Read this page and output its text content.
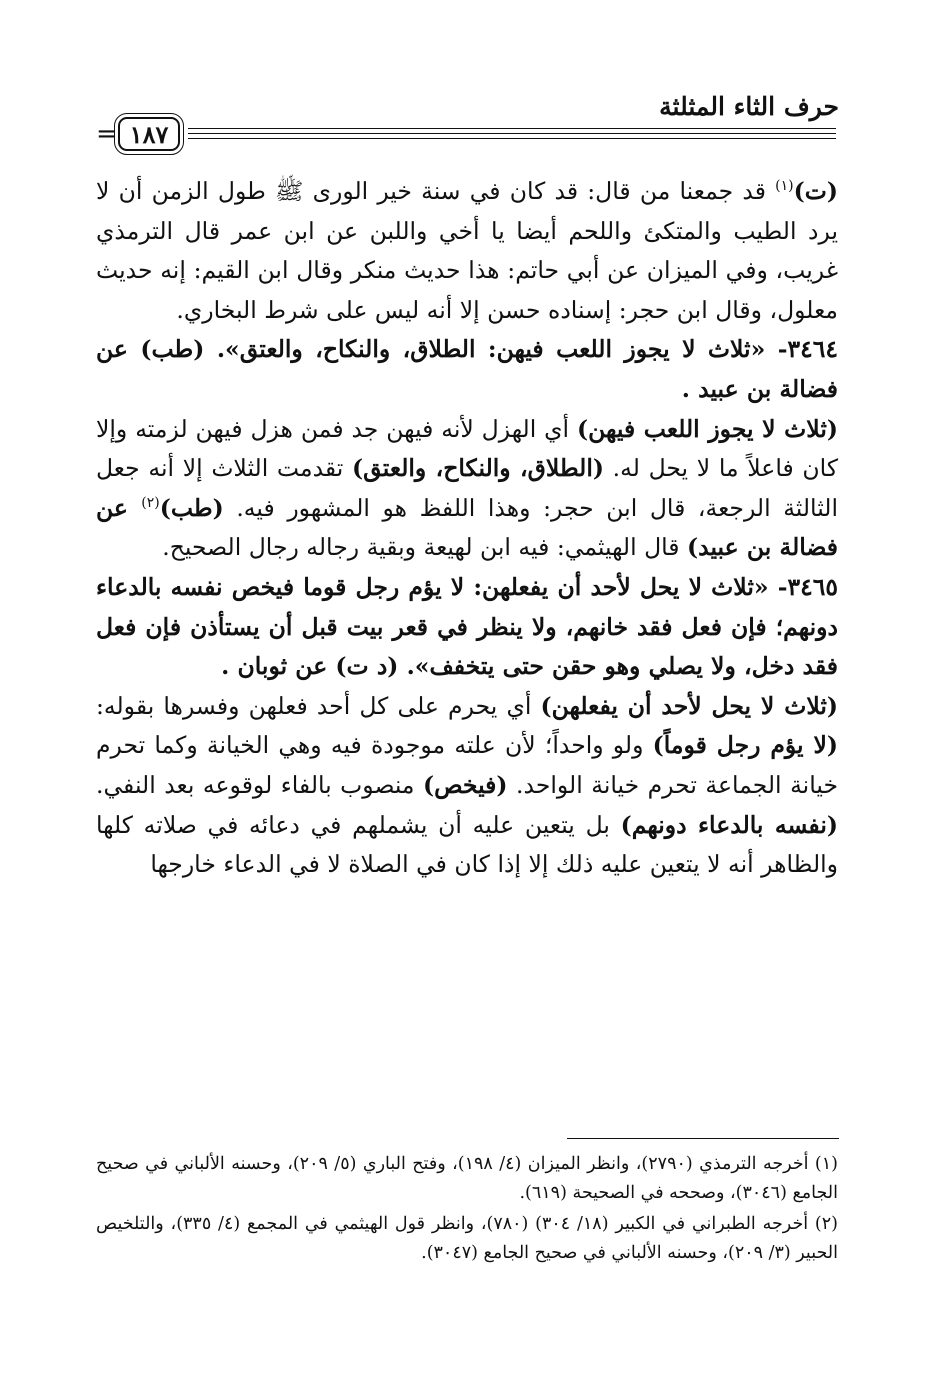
حرف الثاء المثلثة
= ١٨٧

(ت)$^{(١)}$ قد جمعنا من قال: قد كان في سنة خير الورى ﷺ طول الزمن أن لا يرد الطيب والمتكئ واللحم أيضا يا أخي واللبن عن ابن عمر قال الترمذي غريب، وفي الميزان عن أبي حاتم: هذا حديث منكر وقال ابن القيم: إنه حديث معلول، وقال ابن حجر: إسناده حسن إلا أنه ليس على شرط البخاري.

٣٤٦٤- «ثلاث لا يجوز اللعب فيهن: الطلاق، والنكاح، والعتق». (طب) عن فضالة بن عبيد .

(ثلاث لا يجوز اللعب فيهن) أي الهزل لأنه فيهن جد فمن هزل فيهن لزمته وإلا كان فاعلاً ما لا يحل له. (الطلاق، والنكاح، والعتق) تقدمت الثلاث إلا أنه جعل الثالثة الرجعة، قال ابن حجر: وهذا اللفظ هو المشهور فيه. (طب)$^{(٢)}$ عن فضالة بن عبيد) قال الهيثمي: فيه ابن لهيعة وبقية رجاله رجال الصحيح.

٣٤٦٥- «ثلاث لا يحل لأحد أن يفعلهن: لا يؤم رجل قوما فيخص نفسه بالدعاء دونهم؛ فإن فعل فقد خانهم، ولا ينظر في قعر بيت قبل أن يستأذن فإن فعل فقد دخل، ولا يصلي وهو حقن حتى يتخفف». (د ت) عن ثوبان .

(ثلاث لا يحل لأحد أن يفعلهن) أي يحرم على كل أحد فعلهن وفسرها بقوله:(لا يؤم رجل قوماً) ولو واحداً؛ لأن علته موجودة فيه وهي الخيانة وكما تحرم خيانة الجماعة تحرم خيانة الواحد. (فيخص) منصوب بالفاء لوقوعه بعد النفي. (نفسه بالدعاء دونهم) بل يتعين عليه أن يشملهم في دعائه في صلاته كلها والظاهر أنه لا يتعين عليه ذلك إلا إذا كان في الصلاة لا في الدعاء خارجها

(١) أخرجه الترمذي (٢٧٩٠)، وانظر الميزان (٤/ ١٩٨)، وفتح الباري (٥/ ٢٠٩)، وحسنه الألباني في صحيح الجامع (٣٠٤٦)، وصححه في الصحيحة (٦١٩).

(٢) أخرجه الطبراني في الكبير (١٨/ ٣٠٤) (٧٨٠)، وانظر قول الهيثمي في المجمع (٤/ ٣٣٥)، والتلخيص الحبير (٣/ ٢٠٩)، وحسنه الألباني في صحيح الجامع (٣٠٤٧).
